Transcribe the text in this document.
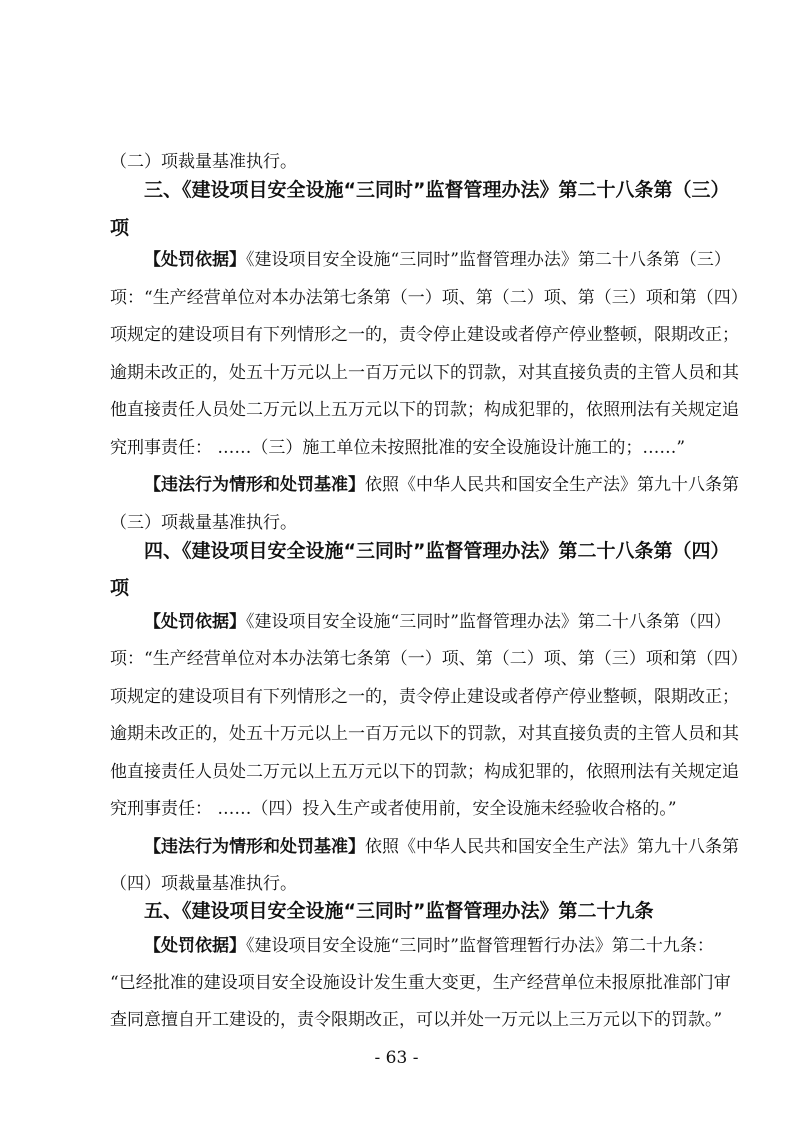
（二）项裁量基准执行。
三、《建设项目安全设施“三同时”监督管理办法》第二十八条第（三）
项
【处罚依据】《建设项目安全设施“三同时”监督管理办法》第二十八条第（三）
项：“生产经营单位对本办法第七条第（一）项、第（二）项、第（三）项和第（四）
项规定的建设项目有下列情形之一的，责令停止建设或者停产停业整顿，限期改正；
逾期未改正的，处五十万元以上一百万元以下的罚款，对其直接负责的主管人员和其
他直接责任人员处二万元以上五万元以下的罚款；构成犯罪的，依照刑法有关规定追
究刑事责任： ……（三）施工单位未按照批准的安全设施设计施工的；……”
【违法行为情形和处罚基准】依照《中华人民共和国安全生产法》第九十八条第
（三）项裁量基准执行。
四、《建设项目安全设施“三同时”监督管理办法》第二十八条第（四）
项
【处罚依据】《建设项目安全设施“三同时”监督管理办法》第二十八条第（四）
项：“生产经营单位对本办法第七条第（一）项、第（二）项、第（三）项和第（四）
项规定的建设项目有下列情形之一的，责令停止建设或者停产停业整顿，限期改正；
逾期未改正的，处五十万元以上一百万元以下的罚款，对其直接负责的主管人员和其
他直接责任人员处二万元以上五万元以下的罚款；构成犯罪的，依照刑法有关规定追
究刑事责任： ……（四）投入生产或者使用前，安全设施未经验收合格的。”
【违法行为情形和处罚基准】依照《中华人民共和国安全生产法》第九十八条第
（四）项裁量基准执行。
五、《建设项目安全设施“三同时”监督管理办法》第二十九条
【处罚依据】《建设项目安全设施“三同时”监督管理暂行办法》第二十九条：
“已经批准的建设项目安全设施设计发生重大变更，生产经营单位未报原批准部门审
查同意擅自开工建设的，责令限期改正，可以并处一万元以上三万元以下的罚款。”
- 63 -
